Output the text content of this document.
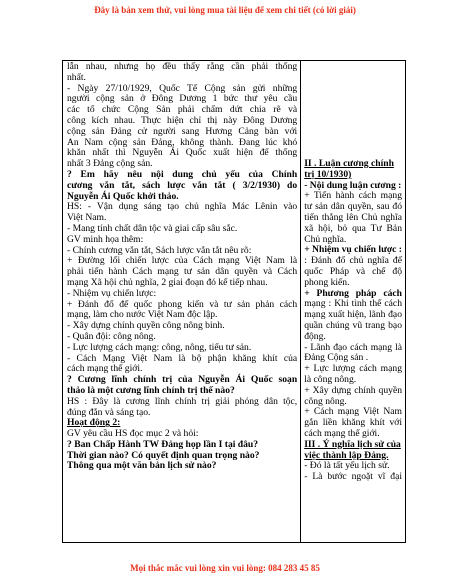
Đây là bản xem thử, vui lòng mua tài liệu để xem chi tiết (có lời giải)
lẫn nhau, nhưng họ đều thấy rằng cần phải thống
nhất.
- Ngày 27/10/1929, Quốc Tế Cộng sản gửi những
người cộng sản ở Đông Dương 1 bức thư yêu cầu
các tổ chức Cộng Sản phải chấm dứt chia rẽ và
công kích nhau. Thực hiện chỉ thị này Đông Dương
cộng sản Đảng cử người sang Hương Cảng bàn với
An Nam cộng sản Đảng, không thành. Đang lúc khó
khăn nhất thì Nguyễn Ái Quốc xuất hiện để thống
nhất 3 Đảng cộng sản.
? Em hãy nêu nội dung chủ yếu của Chính
cương vắn tắt, sách lược vắn tắt ( 3/2/1930) do
Nguyễn Ái Quốc khởi thảo.
HS: - Vận dụng sáng tạo chủ nghĩa Mác Lênin vào
Việt Nam.
- Mang tính chất dân tộc và giai cấp sâu sắc.
GV minh họa thêm:
- Chính cương vắn tắt, Sách lược vắn tắt nêu rõ:
+ Đường lối chiến lược của Cách mạng Việt Nam là
phải tiến hành Cách mạng tư sản dân quyền và Cách
mạng Xã hội chủ nghĩa, 2 giai đoạn đó kế tiếp nhau.
- Nhiệm vụ chiến lược:
+ Đánh đổ đế quốc phong kiến và tư sản phản cách
mạng, làm cho nước Việt Nam độc lập.
- Xây dựng chính quyền công nông binh.
- Quân đội: công nông.
- Lực lượng cách mạng: công, nông, tiểu tư sản.
- Cách Mạng Việt Nam là bộ phận khăng khít của
cách mạng thế giới.
? Cương lĩnh chính trị của Nguyễn Ái Quốc soạn
thảo là một cương lĩnh chính trị thế nào?
HS : Đây là cương lĩnh chính trị giải phóng dân tộc,
đúng đắn và sáng tạo.
Hoạt động 2:
GV yêu cầu HS đọc mục 2 và hỏi:
? Ban Chấp Hành TW Đảng họp lần I tại đâu?
Thời gian nào? Có quyết định quan trọng nào?
Thông qua một văn bản lịch sử nào?
II . Luận cương chính
trị 10/1930)
- Nội dung luận cương :
+ Tiến hành cách mạng
tư sản dân quyền, sau đó
tiến thẳng lên Chủ nghĩa
xã hội, bỏ qua Tư Bản
Chủ nghĩa.
+ Nhiệm vụ chiến lược :
: Đánh đổ chủ nghĩa đế
quốc Pháp và chế độ
phong kiến.
+ Phương pháp cách
mạng : Khi tình thế cách
mạng xuất hiện, lãnh đạo
quần chúng vũ trang bạo
động.
- Lãnh đạo cách mạng là
Đảng Cộng sản .
+ Lực lượng cách mạng
là công nông.
+ Xây dựng chính quyền
công nông.
+ Cách mạng Việt Nam
gắn liền khăng khít với
cách mạng thế giới.
III . Ý nghĩa lịch sử của
việc thành lập Đảng.
- Đó là tất yếu lịch sử.
- Là bước ngoặt vĩ đại
Mọi thắc mắc vui lòng xin vui lòng: 084 283 45 85
